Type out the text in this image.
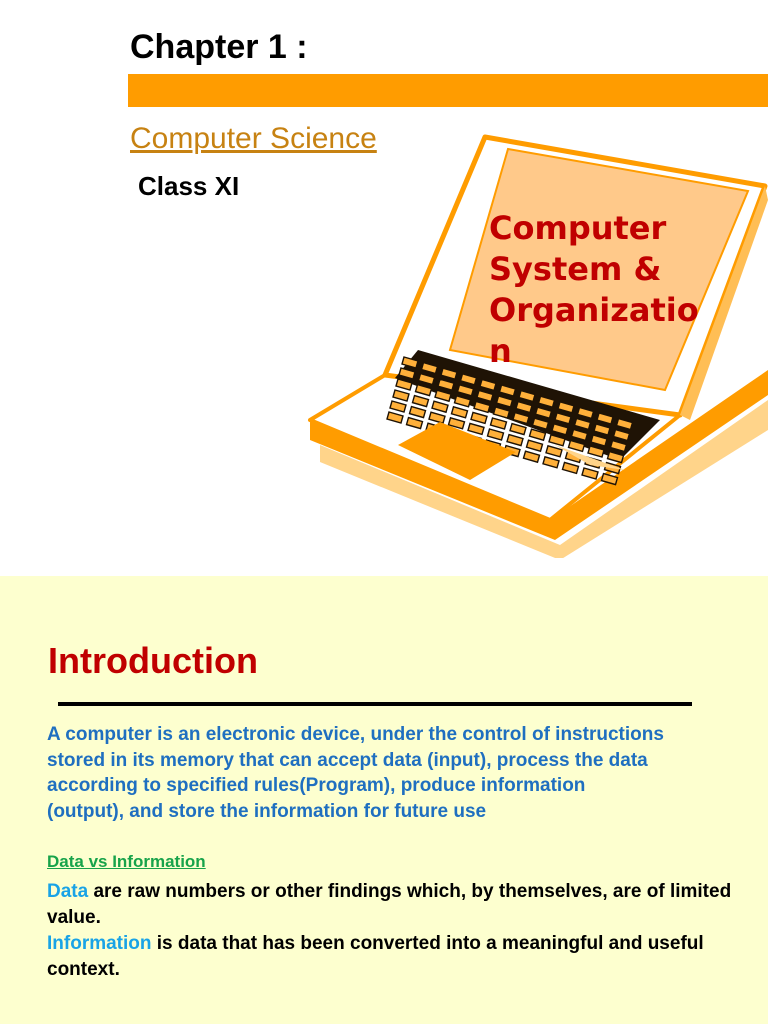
Chapter 1 :
Computer Science
Class XI
Computer System & Organization
Introduction
A computer is an electronic device, under the control of instructions
stored in its memory that can accept data (input), process the data
according to specified rules(Program), produce information
(output), and store the information for future use
Data vs Information
Data are raw numbers or other findings which, by themselves, are of limited value.
Information is data that has been converted into a meaningful and useful context.
